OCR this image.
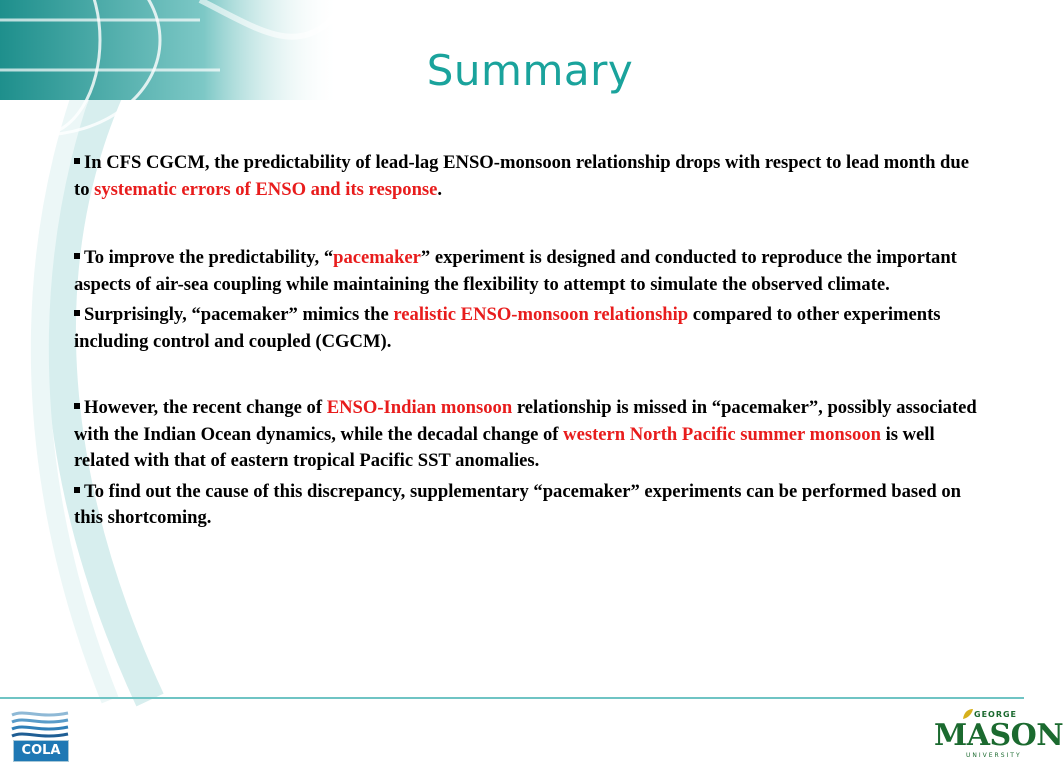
Summary

In CFS CGCM, the predictability of lead-lag ENSO-monsoon relationship drops with respect to lead month due to systematic errors of ENSO and its response.

To improve the predictability, “pacemaker” experiment is designed and conducted to reproduce the important aspects of air-sea coupling while maintaining the flexibility to attempt to simulate the observed climate.

Surprisingly, “pacemaker” mimics the realistic ENSO-monsoon relationship compared to other experiments including control and coupled (CGCM).

However, the recent change of ENSO-Indian monsoon relationship is missed in “pacemaker”, possibly associated with the Indian Ocean dynamics, while the decadal change of western North Pacific summer monsoon is well related with that of eastern tropical Pacific SST anomalies.

To find out the cause of this discrepancy, supplementary “pacemaker” experiments can be performed based on this shortcoming.

COLA
GEORGE
MASON
UNIVERSITY
